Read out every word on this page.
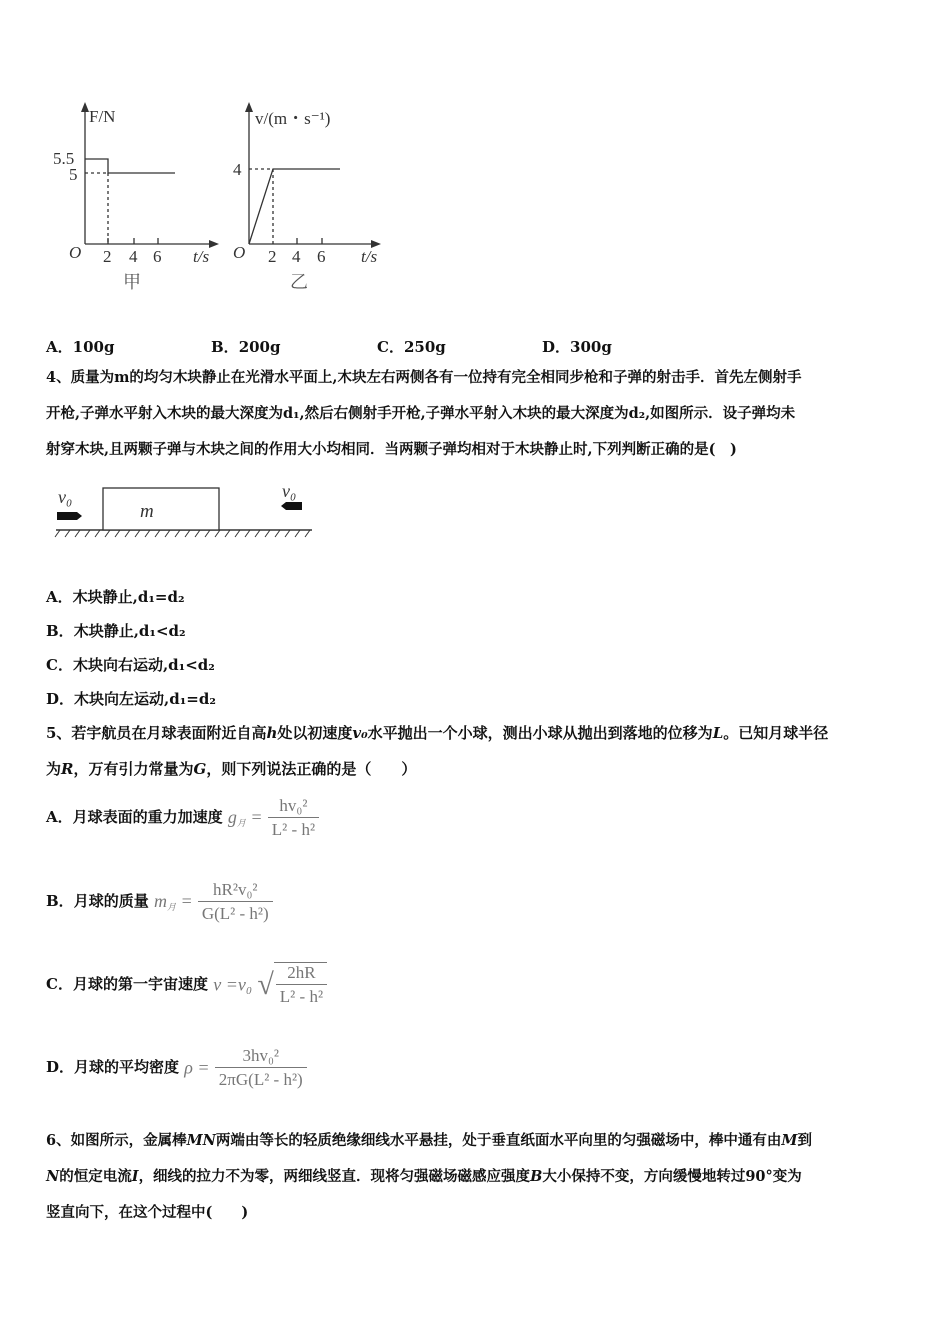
F/N
5.5
5
O 2 4 6 t/s
甲
v/(m・s⁻¹)
4
O 2 4 6 t/s
乙
A．100g	B．200g	C．250g	D．300g
4、质量为m的均匀木块静止在光滑水平面上,木块左右两侧各有一位持有完全相同步枪和子弹的射击手．首先左侧射手
开枪,子弹水平射入木块的最大深度为d₁,然后右侧射手开枪,子弹水平射入木块的最大深度为d₂,如图所示．设子弹均未
射穿木块,且两颗子弹与木块之间的作用大小均相同．当两颗子弹均相对于木块静止时,下列判断正确的是(　)
m
v₀	v₀
A．木块静止,d₁=d₂
B．木块静止,d₁<d₂
C．木块向右运动,d₁<d₂
D．木块向左运动,d₁=d₂
5、若宇航员在月球表面附近自高h处以初速度v₀水平抛出一个小球，测出小球从抛出到落地的位移为L。已知月球半径
为R，万有引力常量为G，则下列说法正确的是（　　）
A．月球表面的重力加速度 $g_月 = \frac{\text{hv₀²}}{\text{L² - h²}}$
B．月球的质量 $m_月 = \frac{\text{hR²v₀²}}{\text{G(L² - h²)}}$
C．月球的第一宇宙速度 v =v₀ √ $\frac{2hR}{\text{L² - h²}}$
D．月球的平均密度 $\rho = \frac{\text{3hv₀²}}{\text{2πG(L² - h²)}}$
6、如图所示，金属棒MN两端由等长的轻质绝缘细线水平悬挂，处于垂直纸面水平向里的匀强磁场中，棒中通有由M到
N的恒定电流I，细线的拉力不为零，两细线竖直．现将匀强磁场磁感应强度B大小保持不变，方向缓慢地转过90°变为
竖直向下，在这个过程中(　　)
